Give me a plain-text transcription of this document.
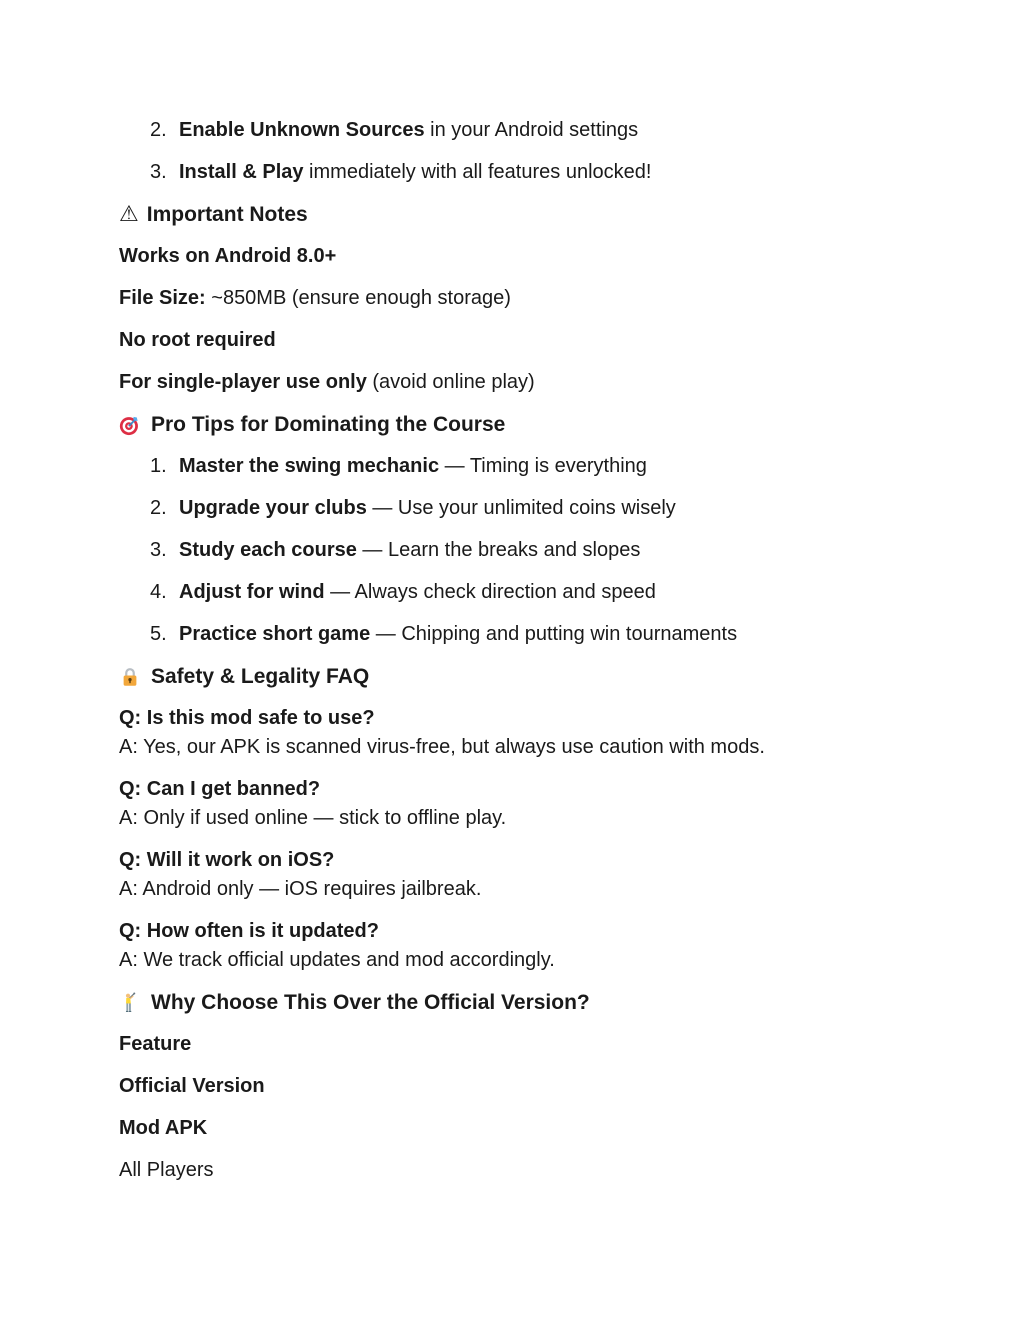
2. Enable Unknown Sources in your Android settings
3. Install & Play immediately with all features unlocked!
⚠ Important Notes
Works on Android 8.0+
File Size: ~850MB (ensure enough storage)
No root required
For single-player use only (avoid online play)
Pro Tips for Dominating the Course
1. Master the swing mechanic — Timing is everything
2. Upgrade your clubs — Use your unlimited coins wisely
3. Study each course — Learn the breaks and slopes
4. Adjust for wind — Always check direction and speed
5. Practice short game — Chipping and putting win tournaments
Safety & Legality FAQ
Q: Is this mod safe to use?
A: Yes, our APK is scanned virus-free, but always use caution with mods.
Q: Can I get banned?
A: Only if used online — stick to offline play.
Q: Will it work on iOS?
A: Android only — iOS requires jailbreak.
Q: How often is it updated?
A: We track official updates and mod accordingly.
Why Choose This Over the Official Version?
Feature
Official Version
Mod APK
All Players
